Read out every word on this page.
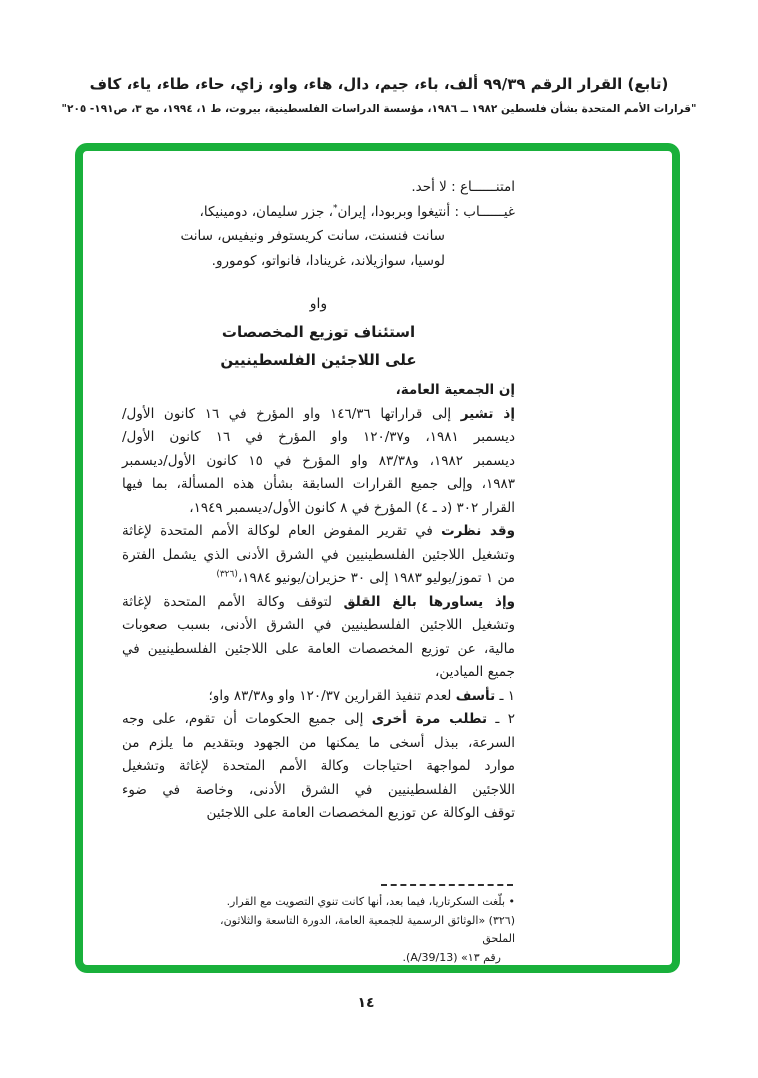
(تابع) القرار الرقم ٩٩/٣٩ ألف، باء، جيم، دال، هاء، واو، زاي، حاء، طاء، ياء، كاف
"قرارات الأمم المتحدة بشأن فلسطين ١٩٨٢ ــ ١٩٨٦، مؤسسة الدراسات الفلسطينية، بيروت، ط ١، ١٩٩٤، مج ٣، ص١٩١- ٢٠٥"
امتنــــــاع : لا أحد.
غيــــــاب : أنتيغوا وبربودا، إيران*، جزر سليمان، دومينيكا،
سانت فنسنت، سانت كريستوفر ونيفيس، سانت
لوسيا، سوازيلاند، غرينادا، فانواتو، كومورو.
واو
استئناف توزيع المخصصات
على اللاجئين الفلسطينيين
إن الجمعية العامة،
إذ تشير إلى قراراتها ١٤٦/٣٦ واو المؤرخ في ١٦ كانون الأول/
ديسمبر ١٩٨١، و١٢٠/٣٧ واو المؤرخ في ١٦ كانون الأول/
ديسمبر ١٩٨٢، و٨٣/٣٨ واو المؤرخ في ١٥ كانون الأول/ديسمبر
١٩٨٣، وإلى جميع القرارات السابقة بشأن هذه المسألة، بما فيها
القرار ٣٠٢ (د ـ ٤) المؤرخ في ٨ كانون الأول/ديسمبر ١٩٤٩،
وقد نظرت في تقرير المفوض العام لوكالة الأمم المتحدة لإغاثة
وتشغيل اللاجئين الفلسطينيين في الشرق الأدنى الذي يشمل الفترة
من ١ تموز/يوليو ١٩٨٣ إلى ٣٠ حزيران/يونيو ١٩٨٤،$^{(٣٢٦)}$
وإذ يساورها بالغ القلق لتوقف وكالة الأمم المتحدة لإغاثة
وتشغيل اللاجئين الفلسطينيين في الشرق الأدنى، بسبب صعوبات
مالية، عن توزيع المخصصات العامة على اللاجئين الفلسطينيين في
جميع الميادين،
١ ـ تأسف لعدم تنفيذ القرارين ١٢٠/٣٧ واو و٨٣/٣٨ واو؛
٢ ـ تطلب مرة أخرى إلى جميع الحكومات أن تقوم، على وجه
السرعة، ببذل أسخى ما يمكنها من الجهود وبتقديم ما يلزم من
موارد لمواجهة احتياجات وكالة الأمم المتحدة لإغاثة وتشغيل
اللاجئين الفلسطينيين في الشرق الأدنى، وخاصة في ضوء
توقف الوكالة عن توزيع المخصصات العامة على اللاجئين
• بلّغت السكرتاريا، فيما بعد، أنها كانت تنوي التصويت مع القرار.
(٣٢٦) «الوثائق الرسمية للجمعية العامة، الدورة التاسعة والثلاثون، الملحق
رقم ١٣» (A/39/13).
١٤
